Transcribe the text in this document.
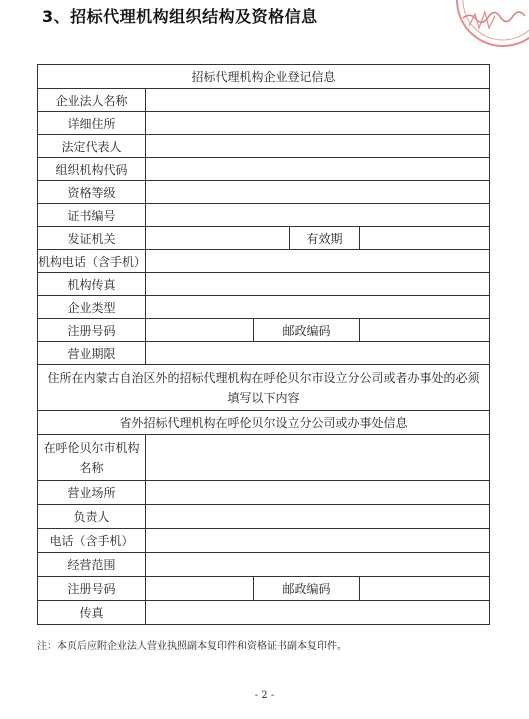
3、招标代理机构组织结构及资格信息
招标代理机构企业登记信息				
企业法人名称				
详细住所				
法定代表人				
组织机构代码				
资格等级				
证书编号				
发证机关			有效期	
机构电话（含手机）				
机构传真				
企业类型				
注册号码		邮政编码		
营业期限				

住所在内蒙古自治区外的招标代理机构在呼伦贝尔市设立分公司或者办事处的必须
填写以下内容				

省外招标代理机构在呼伦贝尔设立分公司或办事处信息				

在呼伦贝尔市机构
名称				

营业场所				
负责人				
电话（含手机）				
经营范围				
注册号码		邮政编码		
传真				
注：本页后应附企业法人营业执照副本复印件和资格证书副本复印件。
- 2 -
